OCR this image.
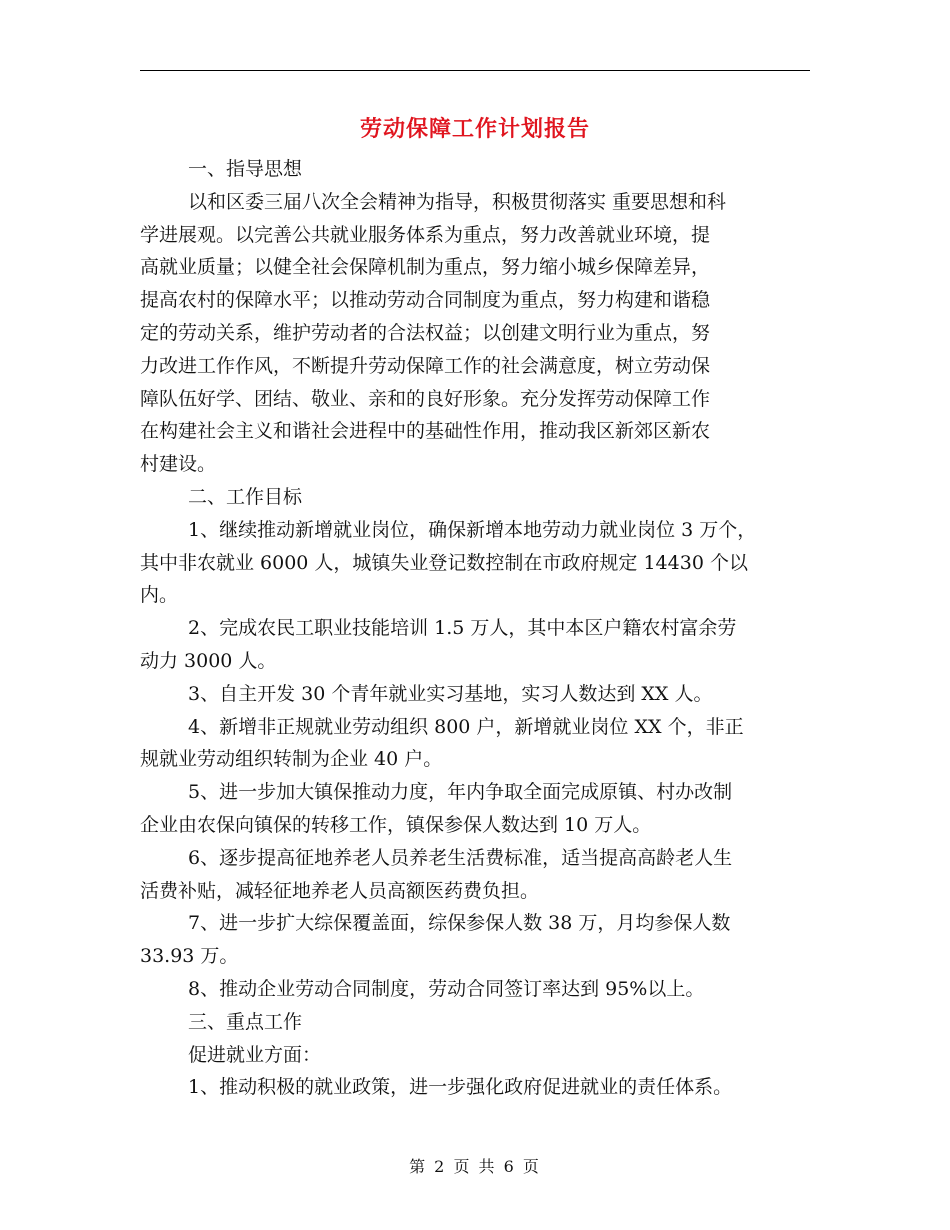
劳动保障工作计划报告
一、指导思想
以和区委三届八次全会精神为指导，积极贯彻落实 重要思想和科
学进展观。以完善公共就业服务体系为重点，努力改善就业环境，提
高就业质量；以健全社会保障机制为重点，努力缩小城乡保障差异，
提高农村的保障水平；以推动劳动合同制度为重点，努力构建和谐稳
定的劳动关系，维护劳动者的合法权益；以创建文明行业为重点，努
力改进工作作风，不断提升劳动保障工作的社会满意度，树立劳动保
障队伍好学、团结、敬业、亲和的良好形象。充分发挥劳动保障工作
在构建社会主义和谐社会进程中的基础性作用，推动我区新郊区新农
村建设。
二、工作目标
1、继续推动新增就业岗位，确保新增本地劳动力就业岗位 3 万个，
其中非农就业 6000 人，城镇失业登记数控制在市政府规定 14430 个以
内。
2、完成农民工职业技能培训 1.5 万人，其中本区户籍农村富余劳
动力 3000 人。
3、自主开发 30 个青年就业实习基地，实习人数达到 XX 人。
4、新增非正规就业劳动组织 800 户，新增就业岗位 XX 个，非正
规就业劳动组织转制为企业 40 户。
5、进一步加大镇保推动力度，年内争取全面完成原镇、村办改制
企业由农保向镇保的转移工作，镇保参保人数达到 10 万人。
6、逐步提高征地养老人员养老生活费标准，适当提高高龄老人生
活费补贴，减轻征地养老人员高额医药费负担。
7、进一步扩大综保覆盖面，综保参保人数 38 万，月均参保人数
33.93 万。
8、推动企业劳动合同制度，劳动合同签订率达到 95%以上。
三、重点工作
促进就业方面：
1、推动积极的就业政策，进一步强化政府促进就业的责任体系。
第 2 页 共 6 页
